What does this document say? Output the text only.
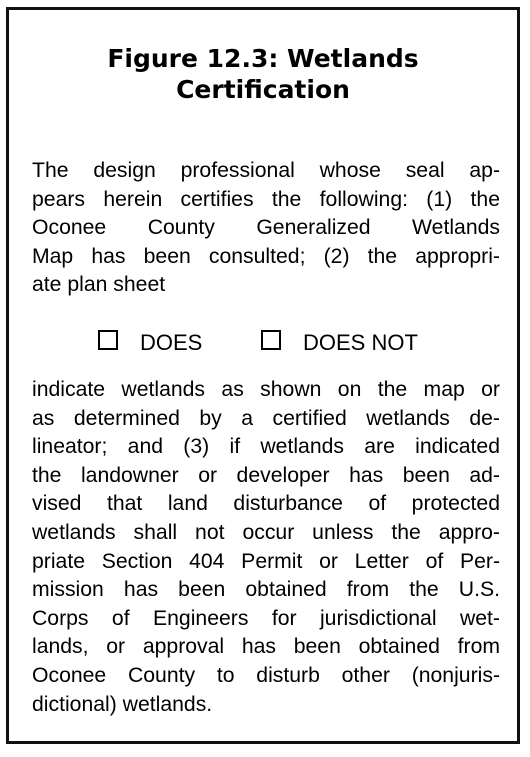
Figure 12.3: Wetlands
Certification

The design professional whose seal ap-
pears herein certifies the following: (1) the
Oconee County Generalized Wetlands
Map has been consulted; (2) the appropri-
ate plan sheet

DOES	DOES NOT

indicate wetlands as shown on the map or
as determined by a certified wetlands de-
lineator; and (3) if wetlands are indicated
the landowner or developer has been ad-
vised that land disturbance of protected
wetlands shall not occur unless the appro-
priate Section 404 Permit or Letter of Per-
mission has been obtained from the U.S.
Corps of Engineers for jurisdictional wet-
lands, or approval has been obtained from
Oconee County to disturb other (nonjuris-
dictional) wetlands.
